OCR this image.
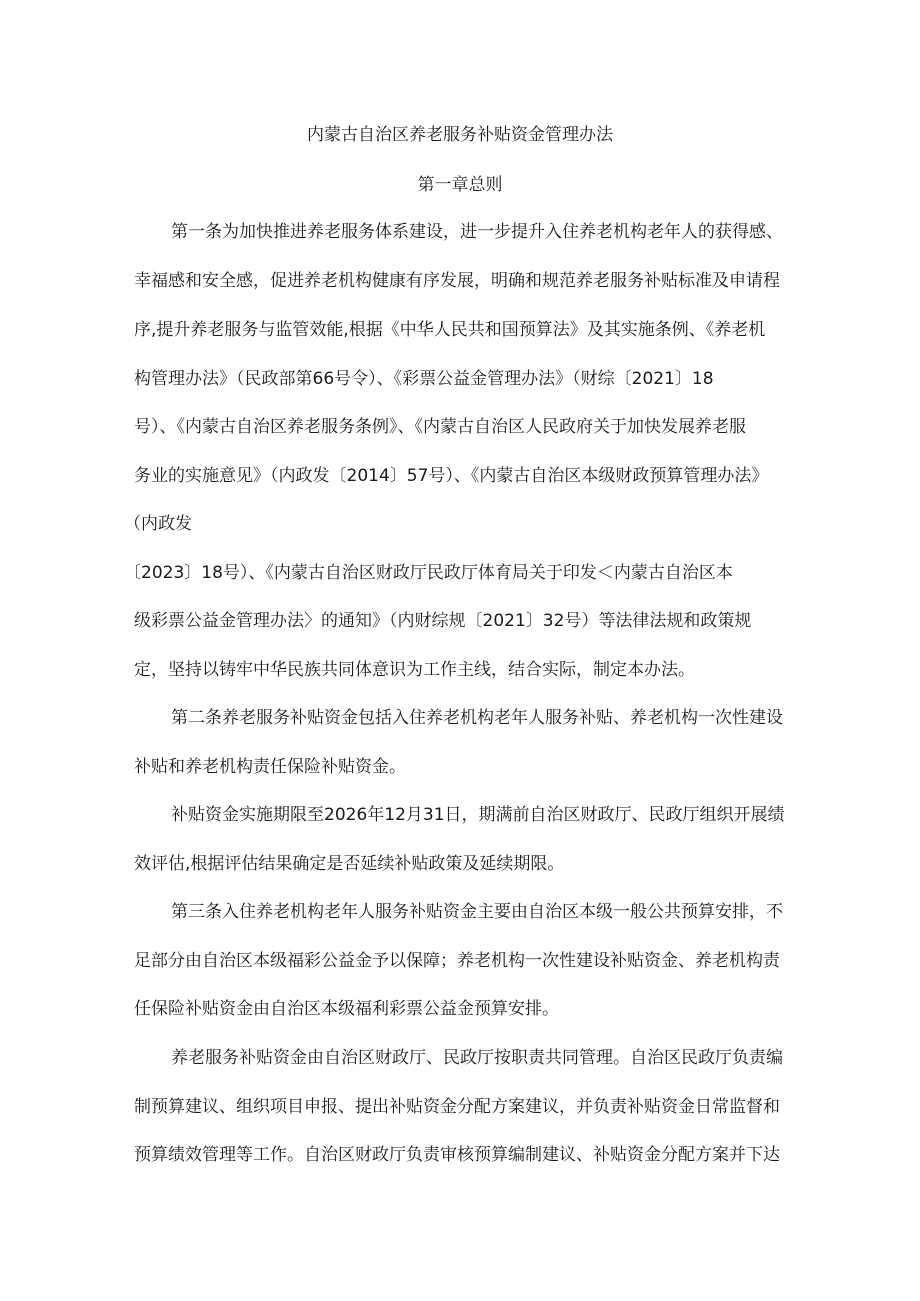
内蒙古自治区养老服务补贴资金管理办法
第一章总则
第一条为加快推进养老服务体系建设，进一步提升入住养老机构老年人的获得感、
幸福感和安全感，促进养老机构健康有序发展，明确和规范养老服务补贴标准及申请程
序,提升养老服务与监管效能,根据《中华人民共和国预算法》及其实施条例、《养老机
构管理办法》（民政部第66号令）、《彩票公益金管理办法》（财综〔2021〕18
号）、《内蒙古自治区养老服务条例》、《内蒙古自治区人民政府关于加快发展养老服
务业的实施意见》（内政发〔2014〕57号）、《内蒙古自治区本级财政预算管理办法》
（内政发
〔2023〕18号）、《内蒙古自治区财政厅民政厅体育局关于印发＜内蒙古自治区本
级彩票公益金管理办法〉的通知》（内财综规〔2021〕32号）等法律法规和政策规
定，坚持以铸牢中华民族共同体意识为工作主线，结合实际，制定本办法。
第二条养老服务补贴资金包括入住养老机构老年人服务补贴、养老机构一次性建设
补贴和养老机构责任保险补贴资金。
补贴资金实施期限至2026年12月31日，期满前自治区财政厅、民政厅组织开展绩
效评估,根据评估结果确定是否延续补贴政策及延续期限。
第三条入住养老机构老年人服务补贴资金主要由自治区本级一般公共预算安排，不
足部分由自治区本级福彩公益金予以保障；养老机构一次性建设补贴资金、养老机构责
任保险补贴资金由自治区本级福利彩票公益金预算安排。
养老服务补贴资金由自治区财政厅、民政厅按职责共同管理。自治区民政厅负责编
制预算建议、组织项目申报、提出补贴资金分配方案建议，并负责补贴资金日常监督和
预算绩效管理等工作。自治区财政厅负责审核预算编制建议、补贴资金分配方案并下达
